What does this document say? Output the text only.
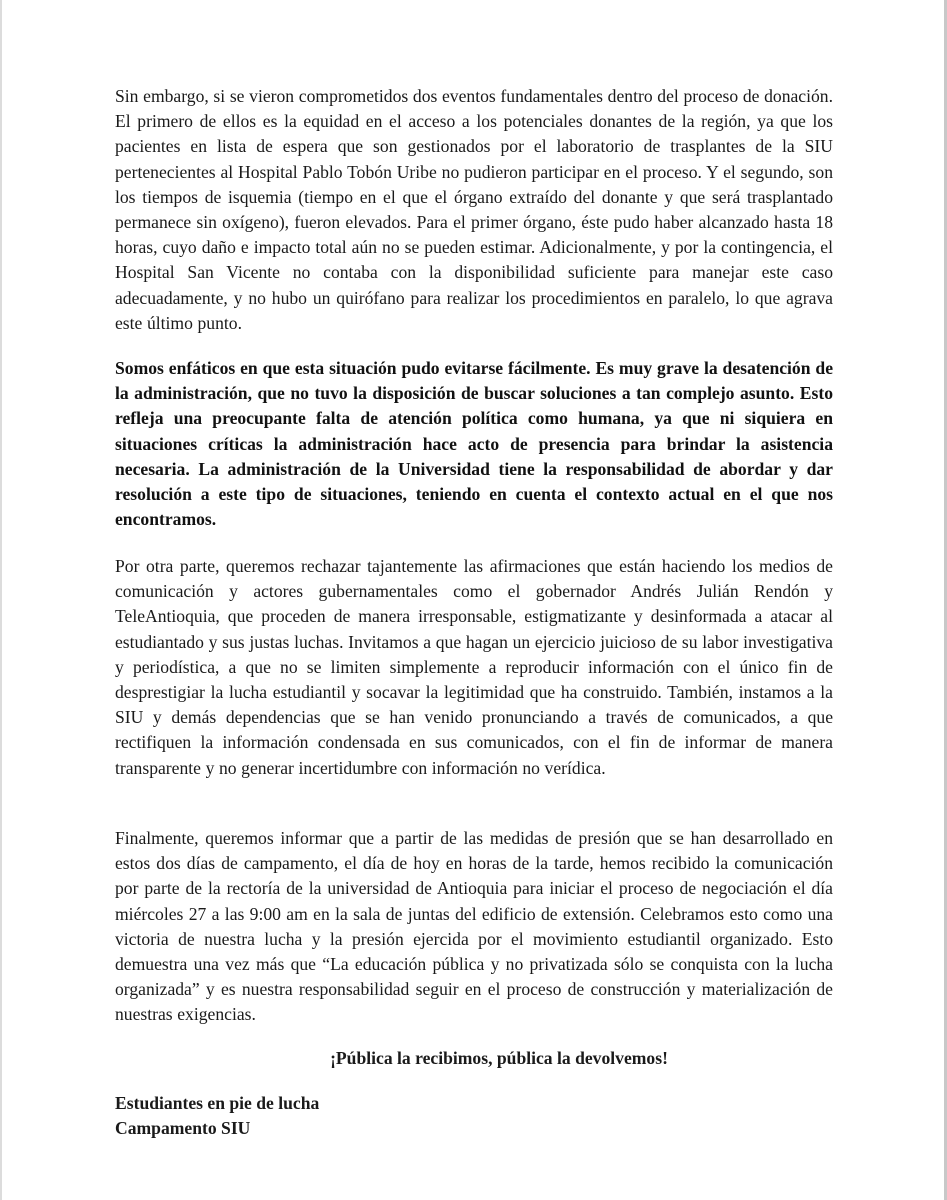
Sin embargo, si se vieron comprometidos dos eventos fundamentales dentro del proceso de donación. El primero de ellos es la equidad en el acceso a los potenciales donantes de la región, ya que los pacientes en lista de espera que son gestionados por el laboratorio de trasplantes de la SIU pertenecientes al Hospital Pablo Tobón Uribe no pudieron participar en el proceso. Y el segundo, son los tiempos de isquemia (tiempo en el que el órgano extraído del donante y que será trasplantado permanece sin oxígeno), fueron elevados. Para el primer órgano, éste pudo haber alcanzado hasta 18 horas, cuyo daño e impacto total aún no se pueden estimar. Adicionalmente, y por la contingencia, el Hospital San Vicente no contaba con la disponibilidad suficiente para manejar este caso adecuadamente, y no hubo un quirófano para realizar los procedimientos en paralelo, lo que agrava este último punto.

Somos enfáticos en que esta situación pudo evitarse fácilmente. Es muy grave la desatención de la administración, que no tuvo la disposición de buscar soluciones a tan complejo asunto. Esto refleja una preocupante falta de atención política como humana, ya que ni siquiera en situaciones críticas la administración hace acto de presencia para brindar la asistencia necesaria. La administración de la Universidad tiene la responsabilidad de abordar y dar resolución a este tipo de situaciones, teniendo en cuenta el contexto actual en el que nos encontramos.

Por otra parte, queremos rechazar tajantemente las afirmaciones que están haciendo los medios de comunicación y actores gubernamentales como el gobernador Andrés Julián Rendón y TeleAntioquia, que proceden de manera irresponsable, estigmatizante y desinformada a atacar al estudiantado y sus justas luchas. Invitamos a que hagan un ejercicio juicioso de su labor investigativa y periodística, a que no se limiten simplemente a reproducir información con el único fin de desprestigiar la lucha estudiantil y socavar la legitimidad que ha construido. También, instamos a la SIU y demás dependencias que se han venido pronunciando a través de comunicados, a que rectifiquen la información condensada en sus comunicados, con el fin de informar de manera transparente y no generar incertidumbre con información no verídica.

Finalmente, queremos informar que a partir de las medidas de presión que se han desarrollado en estos dos días de campamento, el día de hoy en horas de la tarde, hemos recibido la comunicación por parte de la rectoría de la universidad de Antioquia para iniciar el proceso de negociación el día miércoles 27 a las 9:00 am en la sala de juntas del edificio de extensión. Celebramos esto como una victoria de nuestra lucha y la presión ejercida por el movimiento estudiantil organizado. Esto demuestra una vez más que “La educación pública y no privatizada sólo se conquista con la lucha organizada” y es nuestra responsabilidad seguir en el proceso de construcción y materialización de nuestras exigencias.

¡Pública la recibimos, pública la devolvemos!

Estudiantes en pie de lucha

Campamento SIU
